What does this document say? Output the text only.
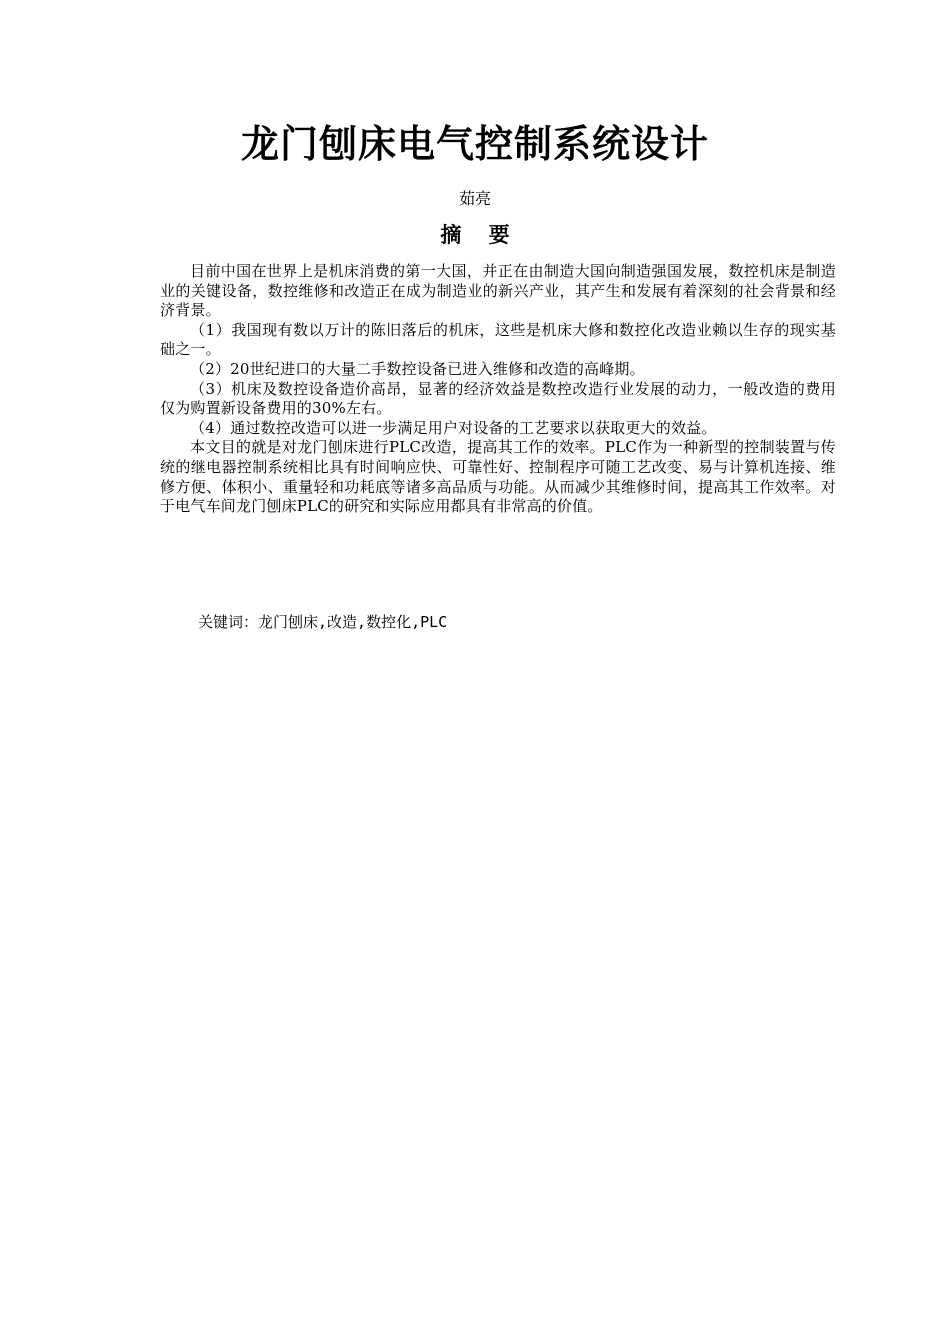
龙门刨床电气控制系统设计
茹亮
摘 要

目前中国在世界上是机床消费的第一大国，并正在由制造大国向制造强国发展，数控机床是制造业的关键设备，数控维修和改造正在成为制造业的新兴产业，其产生和发展有着深刻的社会背景和经济背景。

（1）我国现有数以万计的陈旧落后的机床，这些是机床大修和数控化改造业赖以生存的现实基础之一。

（2）20世纪进口的大量二手数控设备已进入维修和改造的高峰期。

（3）机床及数控设备造价高昂，显著的经济效益是数控改造行业发展的动力，一般改造的费用仅为购置新设备费用的30%左右。

（4）通过数控改造可以进一步满足用户对设备的工艺要求以获取更大的效益。

本文目的就是对龙门刨床进行PLC改造，提高其工作的效率。PLC作为一种新型的控制装置与传统的继电器控制系统相比具有时间响应快、可靠性好、控制程序可随工艺改变、易与计算机连接、维修方便、体积小、重量轻和功耗底等诸多高品质与功能。从而减少其维修时间，提高其工作效率。对于电气车间龙门刨床PLC的研究和实际应用都具有非常高的价值。

关键词：龙门刨床,改造,数控化,PLC
